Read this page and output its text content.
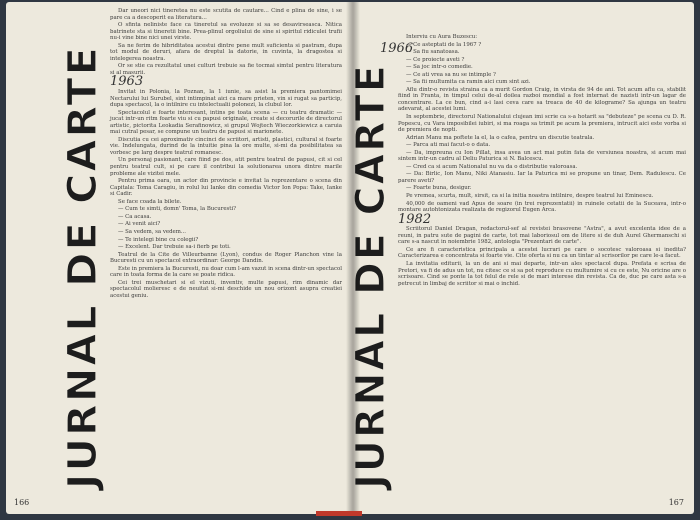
JURNAL DE CARTE

Dar uneori nici tineretea nu este scutita de cautare... Cind e plina de sine, i se pare ca a descoperit ea literatura...

O sfinta neliniste face ca tineretul sa evolueze si sa se desavirseasca. Nitica batrinete sta si tineretii bine. Prea-plinul orgoliului de sine si spiritul ridiculei trufii nu-i vine bine nici unei virste.

Sa ne ferim de hibriditatea acestui dintre pene mult suficienta si pastram, dupa tot modul de deruri, afara de dreptul la datorie, in cuvinta, la dragostea si intelegerea noastra.

Or se stie ca rezultatul unei culturi trebuie sa fie tocmai simtul pentru literatura si al masurii.

1963

Invitat in Polonia, la Poznan, la 1 iunie, sa asist la premiera pantomimei Nectarului lui Surubel, sint intimpinat aici ca mare prieten, vin si rugat sa particip, dupa spectacol, la o intilnire cu intelectualii polonezi, la clubul lor.

Spectacolul e foarte interesant, intins pe toata scena — cu teatru dramatic — jucat intr-un ritm foarte viu si cu papusi originale, create si decorurile de directorul artistic, pictorita Leokadia Serafinowicz, si grupul Wojtech Wieczorkiewicz a caruia mai cutral pesar, se compune un teatru de papusi si marionete.

Discutia cu cei aproximativ cincinci de scriitori, artisti, plastici, cultural si foarte vie. Indelungata, durind de la intuitie pina la ore multe, si-mi da posibilitatea sa vorbesc pe larg despre teatrul romanesc.

Un personaj pasionant, care fiind pe dos, atit pentru teatrul de papusi, cit si cel pentru teatrul cult, si pe care il contribui la solutionarea unora dintre marile probleme ale vizitei mele.

Pentru prima oara, un actor din provincie e invitat la reprezentare o scena din Capitala: Toma Caragiu, in rolul lui Ianke din comedia Victor Ion Popa: Take, Ianke si Cadir.

Se face coada la bilete.

— Cum te simti, domn' Toma, la Bucuresti?

— Ca acasa.

— Ai venit aici?

— Sa vedem, sa vedem...

— Te intelegi bine cu colegii?

— Excelent. Dar trebuie sa-i fierb pe toti.

Teatrul de la Cite de Villeurbanne (Lyon), condus de Roger Planchon vine la Bucuresti cu un spectacol extraordinar: George Dandin.

Este in premiera la Bucuresti, nu doar cum l-am vazut in scena dintr-un spectacol care in toata forma de la care se poate ridica.

Cei trei muschetari si el vizuti, inventiv, multe papusi, rim dinamic dar spectacolul molieresc e de neuitat si-mi deschide un nou orizont asupra creatiei acestui geniu.

166
JURNAL DE CARTE
1966

Interviu cu Aura Buzescu:

— Ce asteptati de la 1967 ?

— Sa fiu sanatoasa.

— Ce proiecte aveti ?

— Sa joc intr-o comedie.

— Ce ati vrea sa nu se intimple ?

— Sa fii multumita ca ramin aici cum sint azi.

Aflu dintr-o revista straina ca a murit Gordon Craig, in virsta de 94 de ani. Tot acum aflu ca, stabilit fiind in Franta, in timpul celui de-al doilea razboi mondial a fost internat de nazisti intr-un lagar de concentrare. La ce bun, cind a-i lasi ceva care sa treaca de 40 de kilograme? Sa ajunga un teatru adevarat, al acestei lumi.

In septembrie, directorul Nationalului clujean imi scrie ca s-a hotarit sa "debuteze" pe scena cu D. R. Popescu, cu Vara imposibilei iubiri, si ma roaga sa trimit pe acum la premiera, intrucit aici este vorba si de premiera de nopti.

Adrian Manu ma poftete la el, la o cafea, pentru un discutie teatrala.

— Parca ati mai facut-o o data.

— Da, impreuna cu Ion Pillat, insa avea un act mai putin fata de versiunea noastra, si acum mai sintem intr-un cadru al Deliu Paturica si N. Balcescu.

— Cred ca si acum Nationalul nu va da o distributie valoroasa.

— Da: Birlic, Ion Manu, Niki Atanasiu. Iar la Paturica mi se propune un tinar, Dem. Radulescu. Ce parere aveti?

— Foarte buna, desigur.

Pe vremea, scurta, mult, sirsit, ca si la initia noastra intilnire, despre teatrul lui Eminescu.

40,000 de oameni vad Apus de soare (in trei reprezentatii) in ruinele cetatii de la Suceava, intr-o montare autohtonizata realizata de regizorul Eugen Arca.

1982

Scriitorul Daniel Dragan, redactorul-sef al revistei brasovene "Astra", a avut excelenta idee de a reuni, in patru sute de pagini de carte, tot mai laboriosul om de litere si de duh Aurel Ghermanschi si care s-a nascut in noiembrie 1982, antologia "Prezentari de carte".

Ce are fi caracteristica principala a acestei lucrari pe care o socotesc valoroasa si inedita? Caracterizarea e concentrata si foarte vie. Cite oferta si nu ca un tintar al scrisorilor pe care le-a facut.

La invitatia editurii, la un de ani si mai departe, intr-un ales spectacol dupa. Prefata e scrisa de Pretori, va fi de adus un tot, nu citesc ce si sa pot reproduce cu multumire si cu ce este, Nu oricine are o scrisoare. Cind se ponte la tot felul de rele si de mari interese din revista. Ca de, duc pe care asta s-a petrecut in limbaj de scriitor si mai o inchid.

167
